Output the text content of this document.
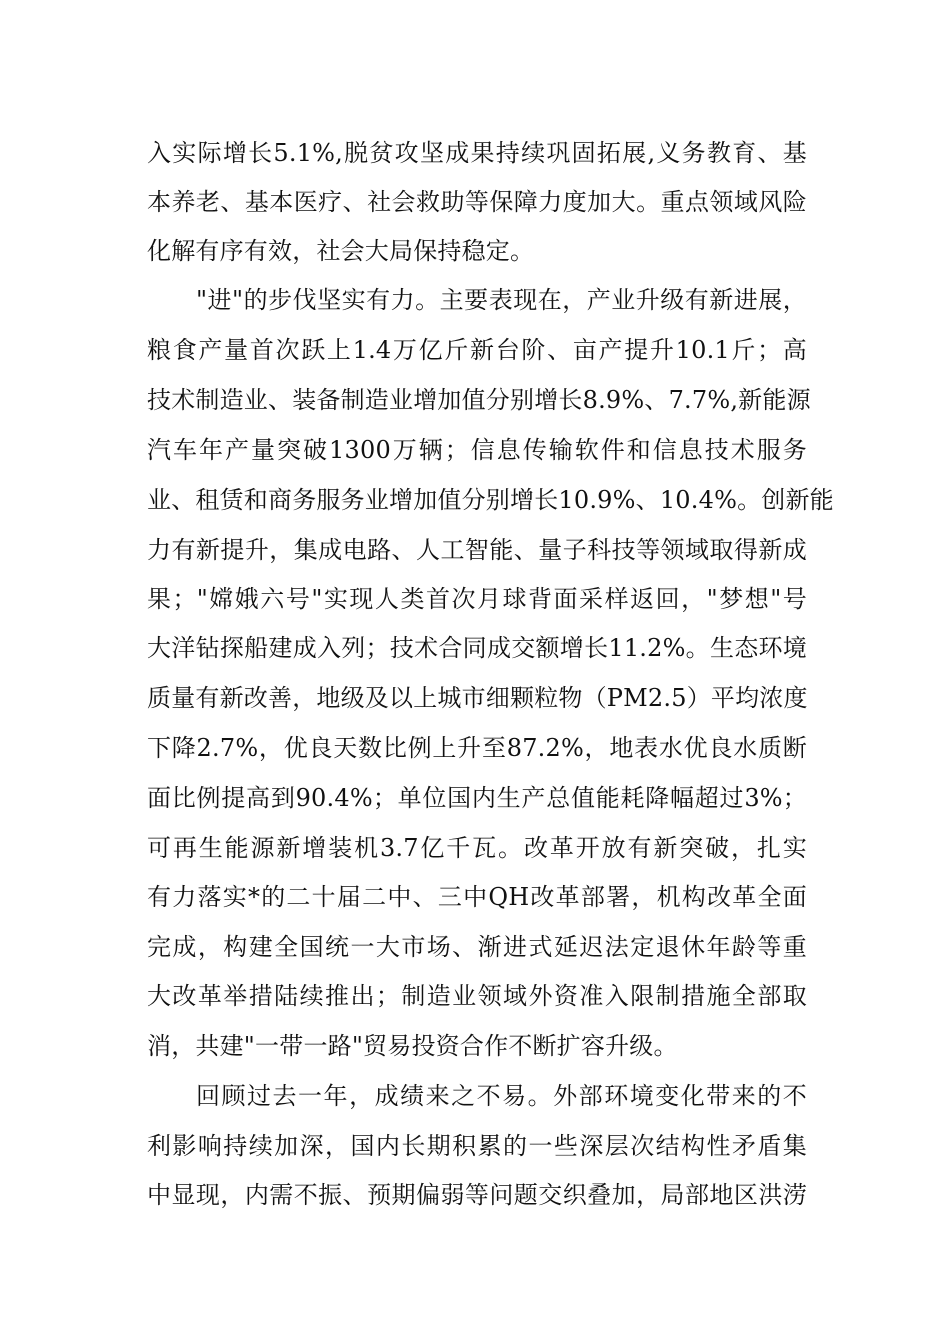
入实际增长5.1%,脱贫攻坚成果持续巩固拓展,义务教育、基
本养老、基本医疗、社会救助等保障力度加大。重点领域风险
化解有序有效，社会大局保持稳定。
"进"的步伐坚实有力。主要表现在，产业升级有新进展，
粮食产量首次跃上1.4万亿斤新台阶、亩产提升10.1斤；高
技术制造业、装备制造业增加值分别增长8.9%、7.7%,新能源
汽车年产量突破1300万辆；信息传输软件和信息技术服务
业、租赁和商务服务业增加值分别增长10.9%、10.4%。创新能
力有新提升，集成电路、人工智能、量子科技等领域取得新成
果；"嫦娥六号"实现人类首次月球背面采样返回，"梦想"号
大洋钻探船建成入列；技术合同成交额增长11.2%。生态环境
质量有新改善，地级及以上城市细颗粒物（PM2.5）平均浓度
下降2.7%，优良天数比例上升至87.2%，地表水优良水质断
面比例提高到90.4%；单位国内生产总值能耗降幅超过3%；
可再生能源新增装机3.7亿千瓦。改革开放有新突破，扎实
有力落实*的二十届二中、三中QH改革部署，机构改革全面
完成，构建全国统一大市场、渐进式延迟法定退休年龄等重
大改革举措陆续推出；制造业领域外资准入限制措施全部取
消，共建"一带一路"贸易投资合作不断扩容升级。
回顾过去一年，成绩来之不易。外部环境变化带来的不
利影响持续加深，国内长期积累的一些深层次结构性矛盾集
中显现，内需不振、预期偏弱等问题交织叠加，局部地区洪涝
